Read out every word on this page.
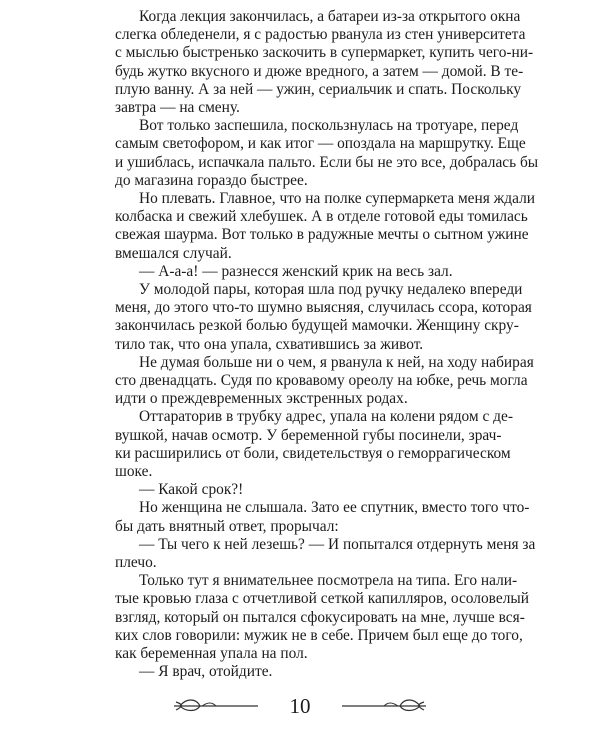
Когда лекция закончилась, а батареи из-за открытого окна
слегка обледенели, я с радостью рванула из стен университета
с мыслью быстренько заскочить в супермаркет, купить чего-ни-
будь жутко вкусного и дюже вредного, а затем — домой. В те-
плую ванну. А за ней — ужин, сериальчик и спать. Поскольку
завтра — на смену.
Вот только заспешила, поскользнулась на тротуаре, перед
самым светофором, и как итог — опоздала на маршрутку. Еще
и ушиблась, испачкала пальто. Если бы не это все, добралась бы
до магазина гораздо быстрее.
Но плевать. Главное, что на полке супермаркета меня ждали
колбаска и свежий хлебушек. А в отделе готовой еды томилась
свежая шаурма. Вот только в радужные мечты о сытном ужине
вмешался случай.
— А-а-а! — разнесся женский крик на весь зал.
У молодой пары, которая шла под ручку недалеко впереди
меня, до этого что-то шумно выясняя, случилась ссора, которая
закончилась резкой болью будущей мамочки. Женщину скру-
тило так, что она упала, схватившись за живот.
Не думая больше ни о чем, я рванула к ней, на ходу набирая
сто двенадцать. Судя по кровавому ореолу на юбке, речь могла
идти о преждевременных экстренных родах.
Оттараторив в трубку адрес, упала на колени рядом с де-
вушкой, начав осмотр. У беременной губы посинели, зрач-
ки расширились от боли, свидетельствуя о геморрагическом
шоке.
— Какой срок?!
Но женщина не слышала. Зато ее спутник, вместо того что-
бы дать внятный ответ, прорычал:
— Ты чего к ней лезешь? — И попытался отдернуть меня за
плечо.
Только тут я внимательнее посмотрела на типа. Его нали-
тые кровью глаза с отчетливой сеткой капилляров, осоловелый
взгляд, который он пытался сфокусировать на мне, лучше вся-
ких слов говорили: мужик не в себе. Причем был еще до того,
как беременная упала на пол.
— Я врач, отойдите.
10
